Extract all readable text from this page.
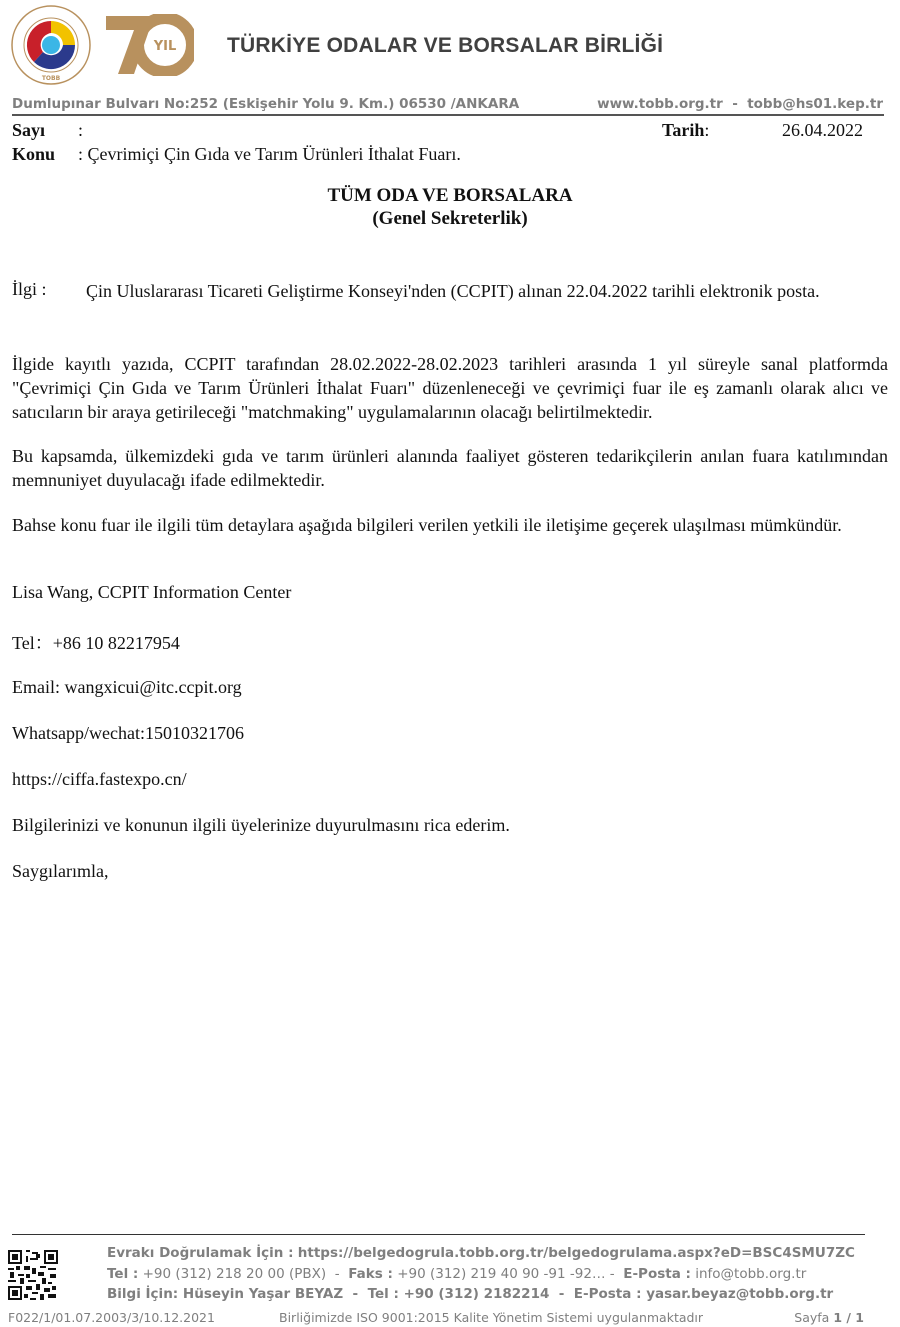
TOBB
YIL TÜRKİYE ODALAR VE BORSALAR BİRLİĞİ
Dumlupınar Bulvarı No:252 (Eskişehir Yolu 9. Km.) 06530 /ANKARA	www.tobb.org.tr  -  tobb@hs01.kep.tr
Sayı :	Tarih:	26.04.2022
Konu : Çevrimiçi Çin Gıda ve Tarım Ürünleri İthalat Fuarı.
TÜM ODA VE BORSALARA
(Genel Sekreterlik)
İlgi : Çin Uluslararası Ticareti Geliştirme Konseyi'nden (CCPIT) alınan 22.04.2022 tarihli elektronik posta.
İlgide kayıtlı yazıda, CCPIT tarafından 28.02.2022-28.02.2023 tarihleri arasında 1 yıl süreyle sanal platformda "Çevrimiçi Çin Gıda ve Tarım Ürünleri İthalat Fuarı" düzenleneceği ve çevrimiçi fuar ile eş zamanlı olarak alıcı ve satıcıların bir araya getirileceği "matchmaking" uygulamalarının olacağı belirtilmektedir.
Bu kapsamda, ülkemizdeki gıda ve tarım ürünleri alanında faaliyet gösteren tedarikçilerin anılan fuara katılımından memnuniyet duyulacağı ifade edilmektedir.
Bahse konu fuar ile ilgili tüm detaylara aşağıda bilgileri verilen yetkili ile iletişime geçerek ulaşılması mümkündür.
Lisa Wang, CCPIT Information Center
Tel：+86 10 82217954
Email: wangxicui@itc.ccpit.org
Whatsapp/wechat:15010321706
https://ciffa.fastexpo.cn/
Bilgilerinizi ve konunun ilgili üyelerinize duyurulmasını rica ederim.
Saygılarımla,
Evrakı Doğrulamak İçin : https://belgedogrula.tobb.org.tr/belgedogrulama.aspx?eD=BSC4SMU7ZC
Tel : +90 (312) 218 20 00 (PBX) - Faks : +90 (312) 219 40 90 -91 -92… - E-Posta : info@tobb.org.tr
Bilgi İçin: Hüseyin Yaşar BEYAZ - Tel : +90 (312) 2182214 - E-Posta : yasar.beyaz@tobb.org.tr
F022/1/01.07.2003/3/10.12.2021	Birliğimizde ISO 9001:2015 Kalite Yönetim Sistemi uygulanmaktadır	Sayfa 1 / 1
